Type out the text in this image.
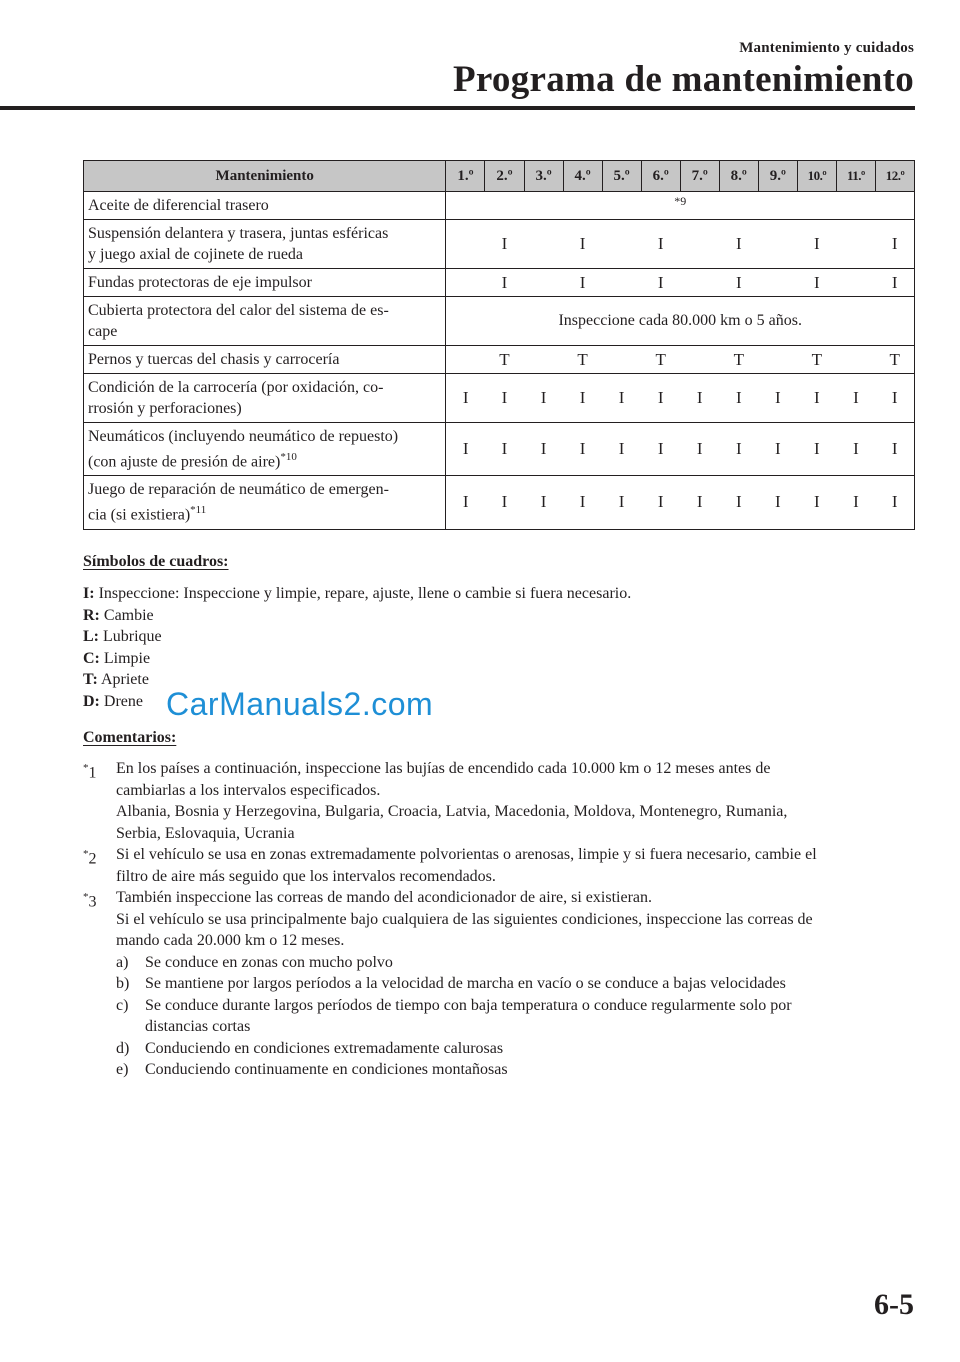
Mantenimiento y cuidados
Programa de mantenimiento
Mantenimiento	1.º	2.º	3.º	4.º	5.º	6.º	7.º	8.º	9.º	10.º	11.º	12.º
Aceite de diferencial trasero	*9											
Suspensión delantera y trasera, juntas esféricas
y juego axial de cojinete de rueda		I		I		I		I		I		I
Fundas protectoras de eje impulsor		I		I		I		I		I		I
Cubierta protectora del calor del sistema de es-
cape	Inspeccione cada 80.000 km o 5 años.											
Pernos y tuercas del chasis y carrocería		T		T		T		T		T		T
Condición de la carrocería (por oxidación, co-
rrosión y perforaciones)	I	I	I	I	I	I	I	I	I	I	I	I
Neumáticos (incluyendo neumático de repuesto)
(con ajuste de presión de aire)$^{*10}$	I	I	I	I	I	I	I	I	I	I	I	I
Juego de reparación de neumático de emergen-
cia (si existiera)$^{*11}$	I	I	I	I	I	I	I	I	I	I	I	I
Símbolos de cuadros:
I: Inspeccione: Inspeccione y limpie, repare, ajuste, llene o cambie si fuera necesario.
R: Cambie
L: Lubrique
C: Limpie
T: Apriete
D: Drene CarManuals2.com
Comentarios:
*1 En los países a continuación, inspeccione las bujías de encendido cada 10.000 km o 12 meses antes de
cambiarlas a los intervalos especificados.
Albania, Bosnia y Herzegovina, Bulgaria, Croacia, Latvia, Macedonia, Moldova, Montenegro, Rumania,
Serbia, Eslovaquia, Ucrania
*2 Si el vehículo se usa en zonas extremadamente polvorientas o arenosas, limpie y si fuera necesario, cambie el
filtro de aire más seguido que los intervalos recomendados.
*3 También inspeccione las correas de mando del acondicionador de aire, si existieran.
Si el vehículo se usa principalmente bajo cualquiera de las siguientes condiciones, inspeccione las correas de
mando cada 20.000 km o 12 meses.
a) Se conduce en zonas con mucho polvo
b) Se mantiene por largos períodos a la velocidad de marcha en vacío o se conduce a bajas velocidades
c) Se conduce durante largos períodos de tiempo con baja temperatura o conduce regularmente solo por
distancias cortas
d) Conduciendo en condiciones extremadamente calurosas
e) Conduciendo continuamente en condiciones montañosas
6-5
